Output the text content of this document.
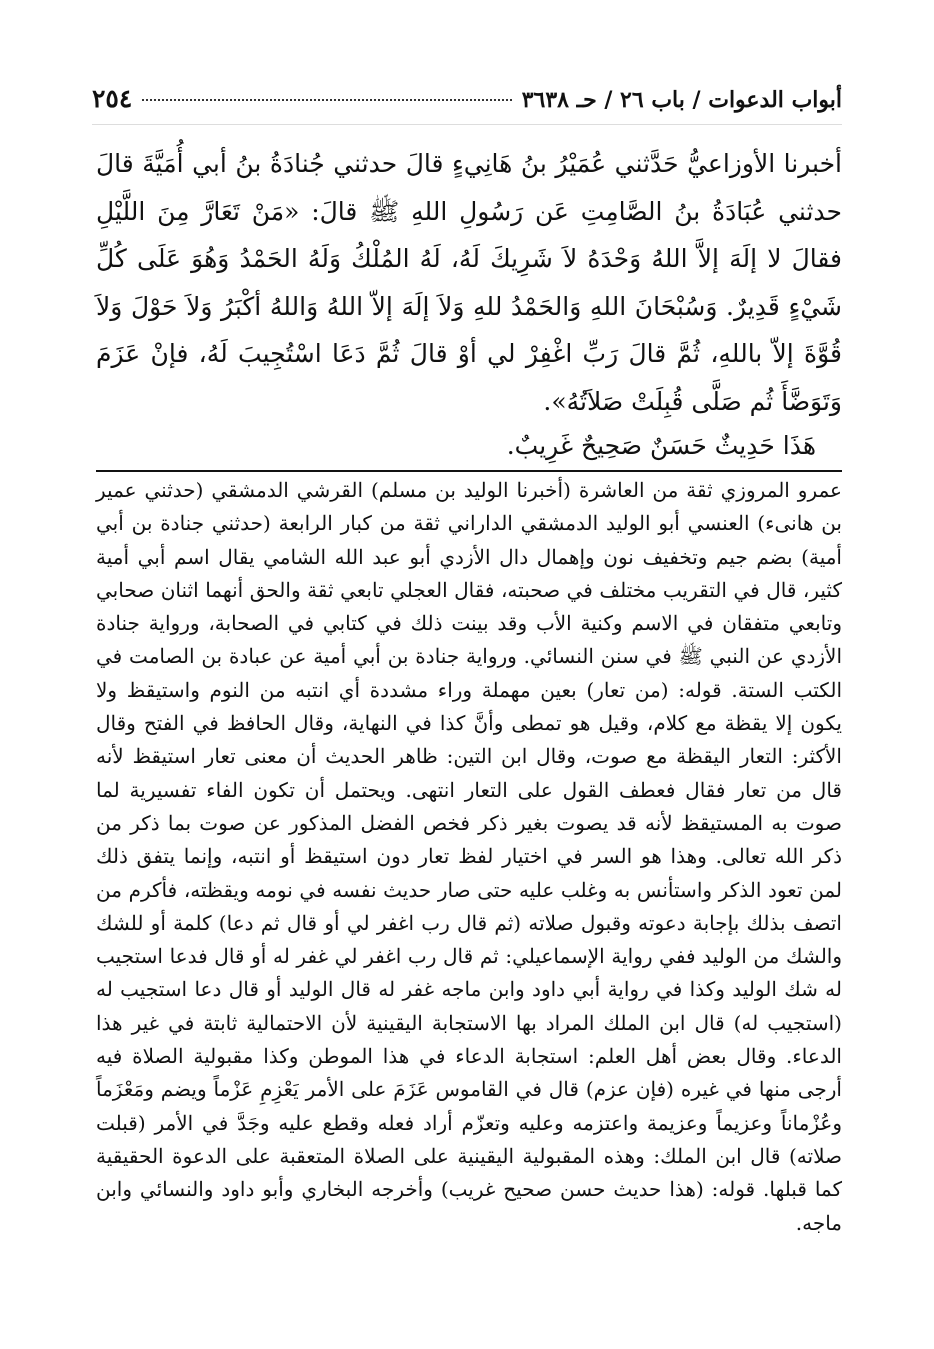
أبواب الدعوات / باب ٢٦ / حـ ٣٦٣٨
٢٥٤

أخبرنا الأوزاعيُّ حَدَّثني عُمَيْرُ بنُ هَانِيءٍ قالَ حدثني جُنادَةُ بنُ أبي أُمَيَّةَ قالَ حدثني عُبَادَةُ بنُ الصَّامِتِ عَن رَسُولِ اللهِ ﷺ قالَ: «مَنْ تَعَارَّ مِنَ اللَّيْلِ فقالَ لا إلَهَ إلاَّ اللهُ وَحْدَهُ لاَ شَرِيكَ لَهُ، لَهُ المُلْكُ وَلَهُ الحَمْدُ وَهُوَ عَلَى كُلِّ شَيْءٍ قَدِيرٌ. وَسُبْحَانَ اللهِ وَالحَمْدُ للهِ وَلاَ إلَهَ إلاّ اللهُ وَاللهُ أكْبَرُ وَلاَ حَوْلَ وَلاَ قُوَّةَ إلاّ باللهِ، ثُمَّ قالَ رَبِّ اغْفِرْ لي أوْ قالَ ثُمَّ دَعَا اسْتُجِيبَ لَهُ، فإنْ عَزَمَ وَتَوَضَّأَ ثُم صَلَّى قُبِلَتْ صَلاَتُهُ».

هَذَا حَدِيثٌ حَسَنٌ صَحِيحٌ غَرِيبٌ.

عمرو المروزي ثقة من العاشرة (أخبرنا الوليد بن مسلم) القرشي الدمشقي (حدثني عمير بن هانىء) العنسي أبو الوليد الدمشقي الداراني ثقة من كبار الرابعة (حدثني جنادة بن أبي أمية) بضم جيم وتخفيف نون وإهمال دال الأزدي أبو عبد الله الشامي يقال اسم أبي أمية كثير، قال في التقريب مختلف في صحبته، فقال العجلي تابعي ثقة والحق أنهما اثنان صحابي وتابعي متفقان في الاسم وكنية الأب وقد بينت ذلك في كتابي في الصحابة، ورواية جنادة الأزدي عن النبي ﷺ في سنن النسائي. ورواية جنادة بن أبي أمية عن عبادة بن الصامت في الكتب الستة. قوله: (من تعار) بعين مهملة وراء مشددة أي انتبه من النوم واستيقظ ولا يكون إلا يقظة مع كلام، وقيل هو تمطى وأنَّ كذا في النهاية، وقال الحافظ في الفتح وقال الأكثر: التعار اليقظة مع صوت، وقال ابن التين: ظاهر الحديث أن معنى تعار استيقظ لأنه قال من تعار فقال فعطف القول على التعار انتهى. ويحتمل أن تكون الفاء تفسيرية لما صوت به المستيقظ لأنه قد يصوت بغير ذكر فخص الفضل المذكور عن صوت بما ذكر من ذكر الله تعالى. وهذا هو السر في اختيار لفظ تعار دون استيقظ أو انتبه، وإنما يتفق ذلك لمن تعود الذكر واستأنس به وغلب عليه حتى صار حديث نفسه في نومه ويقظته، فأكرم من اتصف بذلك بإجابة دعوته وقبول صلاته (ثم قال رب اغفر لي أو قال ثم دعا) كلمة أو للشك والشك من الوليد ففي رواية الإسماعيلي: ثم قال رب اغفر لي غفر له أو قال فدعا استجيب له شك الوليد وكذا في رواية أبي داود وابن ماجه غفر له قال الوليد أو قال دعا استجيب له (استجيب له) قال ابن الملك المراد بها الاستجابة اليقينية لأن الاحتمالية ثابتة في غير هذا الدعاء. وقال بعض أهل العلم: استجابة الدعاء في هذا الموطن وكذا مقبولية الصلاة فيه أرجى منها في غيره (فإن عزم) قال في القاموس عَزَمَ على الأمر يَعْزِمِ عَزْماً ويضم ومَعْزَماً وعُزْماناً وعزيماً وعزيمة واعتزمه وعليه وتعزّم أراد فعله وقطع عليه وجَدَّ في الأمر (قبلت صلاته) قال ابن الملك: وهذه المقبولية اليقينية على الصلاة المتعقبة على الدعوة الحقيقية كما قبلها. قوله: (هذا حديث حسن صحيح غريب) وأخرجه البخاري وأبو داود والنسائي وابن ماجه.
